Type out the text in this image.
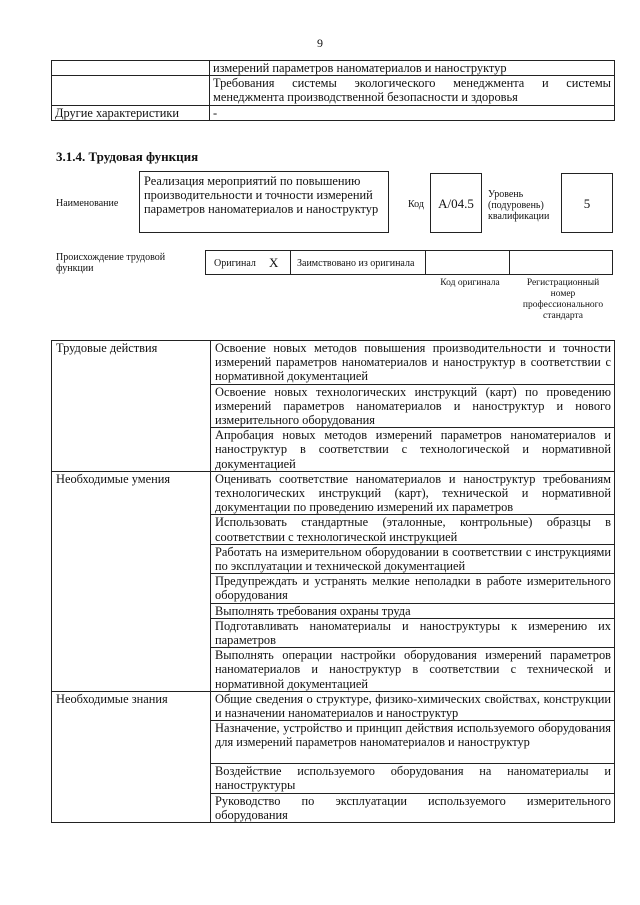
9
	измерений параметров наноматериалов и наноструктур
	Требования системы экологического менеджмента и системы менеджмента производственной безопасности и здоровья
Другие характеристики	-
3.1.4. Трудовая функция
Наименование
Реализация мероприятий по повышению производительности и точности измерений параметров наноматериалов и наноструктур	Код	A/04.5
Уровень (подуровень) квалификации
5
Происхождение трудовой функции	Оригинал X Заимствовано из оригинала
Код оригинала	Регистрационный номер профессионального стандарта
Трудовые действия	Освоение новых методов повышения производительности и точности измерений параметров наноматериалов и наноструктур в соответствии с нормативной документацией
	Освоение новых технологических инструкций (карт) по проведению измерений параметров наноматериалов и наноструктур и нового измерительного оборудования
	Апробация новых методов измерений параметров наноматериалов и наноструктур в соответствии с технологической и нормативной документацией
Необходимые умения	Оценивать соответствие наноматериалов и наноструктур требованиям технологических инструкций (карт), технической и нормативной документации по проведению измерений их параметров
	Использовать стандартные (эталонные, контрольные) образцы в соответствии с технологической инструкцией
	Работать на измерительном оборудовании в соответствии с инструкциями по эксплуатации и технической документацией
	Предупреждать и устранять мелкие неполадки в работе измерительного оборудования
	Выполнять требования охраны труда
	Подготавливать наноматериалы и наноструктуры к измерению их параметров
	Выполнять операции настройки оборудования измерений параметров наноматериалов и наноструктур в соответствии с технической и нормативной документацией
Необходимые знания	Общие сведения о структуре, физико-химических свойствах, конструкции и назначении наноматериалов и наноструктур
	Назначение, устройство и принцип действия используемого оборудования для измерений параметров наноматериалов и наноструктур
	Воздействие используемого оборудования на наноматериалы и наноструктуры
	Руководство по эксплуатации используемого измерительного оборудования
